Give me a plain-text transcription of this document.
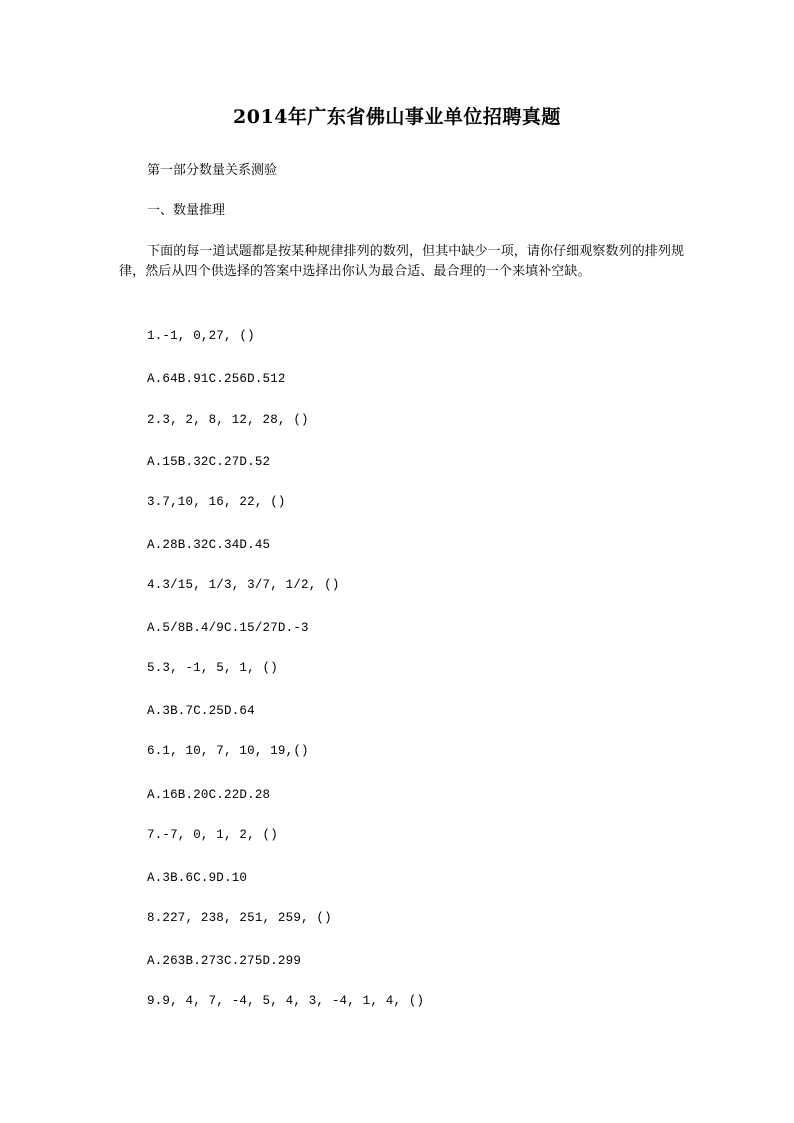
2014年广东省佛山事业单位招聘真题
第一部分数量关系测验
一、数量推理
下面的每一道试题都是按某种规律排列的数列，但其中缺少一项，请你仔细观察数列的排列规律，然后从四个供选择的答案中选择出你认为最合适、最合理的一个来填补空缺。
1.-1, 0,27, ()
A.64B.91C.256D.512
2.3, 2, 8, 12, 28, ()
A.15B.32C.27D.52
3.7,10, 16, 22, ()
A.28B.32C.34D.45
4.3/15, 1/3, 3/7, 1/2, ()
A.5/8B.4/9C.15/27D.-3
5.3, -1, 5, 1, ()
A.3B.7C.25D.64
6.1, 10, 7, 10, 19,()
A.16B.20C.22D.28
7.-7, 0, 1, 2, ()
A.3B.6C.9D.10
8.227, 238, 251, 259, ()
A.263B.273C.275D.299
9.9, 4, 7, -4, 5, 4, 3, -4, 1, 4, ()
